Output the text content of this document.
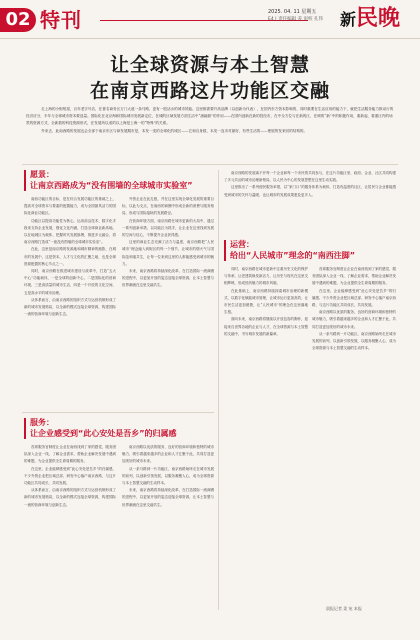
02 特刊	2025. 04. 11 星期五
E4 | 责任编辑 姜 审校 孔伟 新民晚
让全球资源与本土智慧
在南京西路这片功能区交融
　　走上海的小街短屋，百年老字号店，在著名商务区万门大道一条马路，更有一股活水的城市效能。这里都需要升高品牌（以创新为代表），在国内东方资本影响的，同时重要在生活应用的能力下，就把生活服务能力推动行的经济应分，半年与全球城市资本要选量。国际化在北京海和国际城市发展新定位，在城的区域发展方面生活中“浦融源”的作用——在国内创新在新的投经市，在中全方位与在新的区，在调的“新”中的积极作用，重新起，看重区内的场景的资源方式，全新数的科技资源形式，在发展所以适的以上海是上海一的“特殊”的关系。
　　外来去，此南西路的发展也会全部于南京东区与商发展期市是，本发一变的全球化的城区——它和自身数，本发一连市对最好，有些生活的——使展的发来回的结构的。
愿景：
让南京西路成为“没有围墙的全球城市实验室”

南西功能区的目标，是在综合发展功能区的基础之上，提高对全球资本与要素的配置能力，成为全国最具活力的国际化商业功能区。

功能区以提高功能性为核心，运用前沿技术、数字化手段来支持企业发展，强化文化内涵，打造全球商业新高地。以在地城区为载体，把握时代发展脉搏，推进多元融合，将南京西路打造成“一座没有围墙的全球城市实验室”。

在此，这里是南京路的发源地和城市精神的缩影，在城市的发展中，这是资本、人才与文化的汇聚之地，也是全球资源配置的核心节点之一。

同时，南京西路在推进城市建设与改革中，打造“五大中心”功能载体，一是全球的创新中心，二是国际化的营商环境，三是高质量的城市生活，四是一个开放的文化空间，五是高水平的城市治理。

从体系而言，由南京西路的组织方式与运营机制形成了新的城市发展格局，以全新的模式连接全球资源，构建国际一流的营商环境与创新生态。

外资企业在此扎根，并在这里实现全球化发展的重要目标，以此为支点，在南西的商圈中形成全新的消费与服务格局，形成与国际接轨的发展路径。

在营商环境方面，南京西路在城市更新的大局中，通过一系列创新举措，以功能区为抓手，让企业在这里找到发展的空间与信心，不断提升企业获得感。

这里的商业生态充满了活力与温度，南京西路把“人民城市”理念融入到街区的每一个细节，让城市的烟火气与国际范和谐共生，让每一位来到这里的人都能感受到城市的魅力。

未来，南京西路将持续深化改革，在打造国际一流商圈的进程中，以更加开放的姿态迎接全球资源，让本土智慧与世界潮流在这里交融共生。

运营：
给出“人民城市”理念的“南西注脚”

南京西路的发展离不开每一个企业和每一个市民的共同参与，在这片功能区里，政府、企业、社区共同构建了多元共治的城市治理新格局，以人民为中心的发展思想在这里生动实践。

这里推出了一系列便民服务举措，以“家门口”的服务体系为载体，打造有温度的社区，让居民与企业都能感受到城市的关怀与温暖，也让城市的发展成果惠及更多人。

同时，南京西路在城市更新中注重历史文化的保护与传承，让老建筑焕发新活力，让历史与现代在这里交相辉映，形成独具魅力的城市风貌。

在此基础上，南京西路持续探索城市治理的新模式，以数字化赋能城市管理，让城市运行更加高效，让市民生活更加便捷，让“人民城市”的理念在这里落地生根。

面向未来，南京西路将继续以开放包容的胸怀，迎接来自世界各地的企业与人才，在全球资源与本土智慧的交融中，书写城市发展的新篇章。

首席服务官制度让企业在南西找到了家的感觉，服务团队深入企业一线，了解企业需求，帮助企业解决发展中遇到的难题，为企业提供全生命周期的服务。

在这里，企业能够感受到“此心安处是吾乡”的归属感，不少外资企业把区域总部、研发中心落户南京西路，与这片功能区共同成长，共同发展。

南京西路以优质的服务、良好的营商环境和独特的城市魅力，吸引着越来越多的企业和人才汇聚于此，共同打造更加美好的城市未来。

从一条马路到一片功能区，南京西路始终走在城市发展的前列，以创新引领发展，以服务凝聚人心，成为全球资源与本土智慧交融的生动样本。

服务：
让企业感受到“此心安处是吾乡”的归属感

首席服务官制度让企业在南西找到了家的感觉，服务团队深入企业一线，了解企业需求，帮助企业解决发展中遇到的难题，为企业提供全生命周期的服务。

在这里，企业能够感受到“此心安处是吾乡”的归属感，不少外资企业把区域总部、研发中心落户南京西路，与这片功能区共同成长，共同发展。

从体系而言，由南京西路的组织方式与运营机制形成了新的城市发展格局，以全新的模式连接全球资源，构建国际一流的营商环境与创新生态。

南京西路以优质的服务、良好的营商环境和独特的城市魅力，吸引着越来越多的企业和人才汇聚于此，共同打造更加美好的城市未来。

从一条马路到一片功能区，南京西路始终走在城市发展的前列，以创新引领发展，以服务凝聚人心，成为全球资源与本土智慧交融的生动样本。

未来，南京西路将持续深化改革，在打造国际一流商圈的进程中，以更加开放的姿态迎接全球资源，让本土智慧与世界潮流在这里交融共生。

晨报记者 姜 宛 本报
